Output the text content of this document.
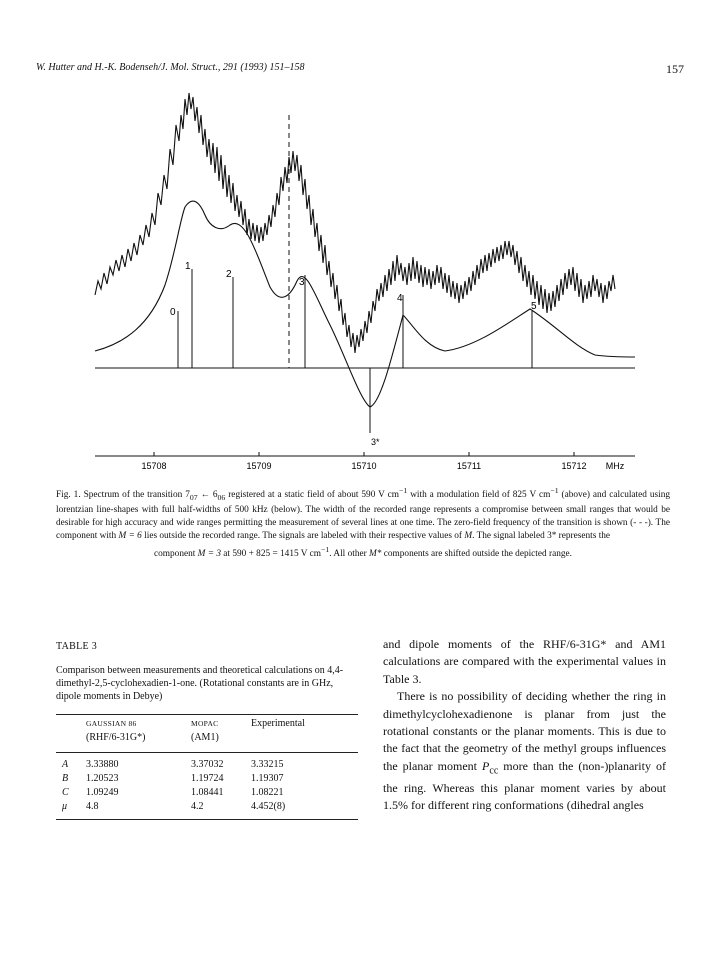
W. Hutter and H.-K. Bodenseh/J. Mol. Struct., 291 (1993) 151–158	157
0
1
2
3
4
5
3*
15708	15709	15710	15711	15712 MHz
Fig. 1. Spectrum of the transition $7_{07}$ ← $6_{06}$ registered at a static field of about 590 V $cm^{-1}$ with a modulation field of 825 V $cm^{-1}$ (above) and calculated using lorentzian line-shapes with full half-widths of 500 kHz (below). The width of the recorded range represents a compromise between small ranges that would be desirable for high accuracy and wide ranges permitting the measurement of several lines at one time. The zero-field frequency of the transition is shown (- - -). The component with M = 6 lies outside the recorded range. The signals are labeled with their respective values of M. The signal labeled 3* represents the
component M = 3 at 590 + 825 = 1415 V $cm^{-1}$. All other M* components are shifted outside the depicted range.
TABLE 3
Comparison between measurements and theoretical calculations on 4,4-dimethyl-2,5-cyclohexadien-1-one. (Rotational constants are in GHz, dipole moments in Debye)
	GAUSSIAN 86	MOPAC	Experimental
	(RHF/6-31G*)	(AM1)	

A	3.33880	3.37032	3.33215
B	1.20523	1.19724	1.19307
C	1.09249	1.08441	1.08221
μ	4.8	4.2	4.452(8)

and dipole moments of the RHF/6-31G* and AM1 calculations are compared with the experimental values in Table 3.

There is no possibility of deciding whether the ring in dimethylcyclohexadienone is planar from just the rotational constants or the planar moments. This is due to the fact that the geometry of the methyl groups influences the planar moment $P_{cc}$ more than the (non-)planarity of the ring. Whereas this planar moment varies by about 1.5% for different ring conformations (dihedral angles
